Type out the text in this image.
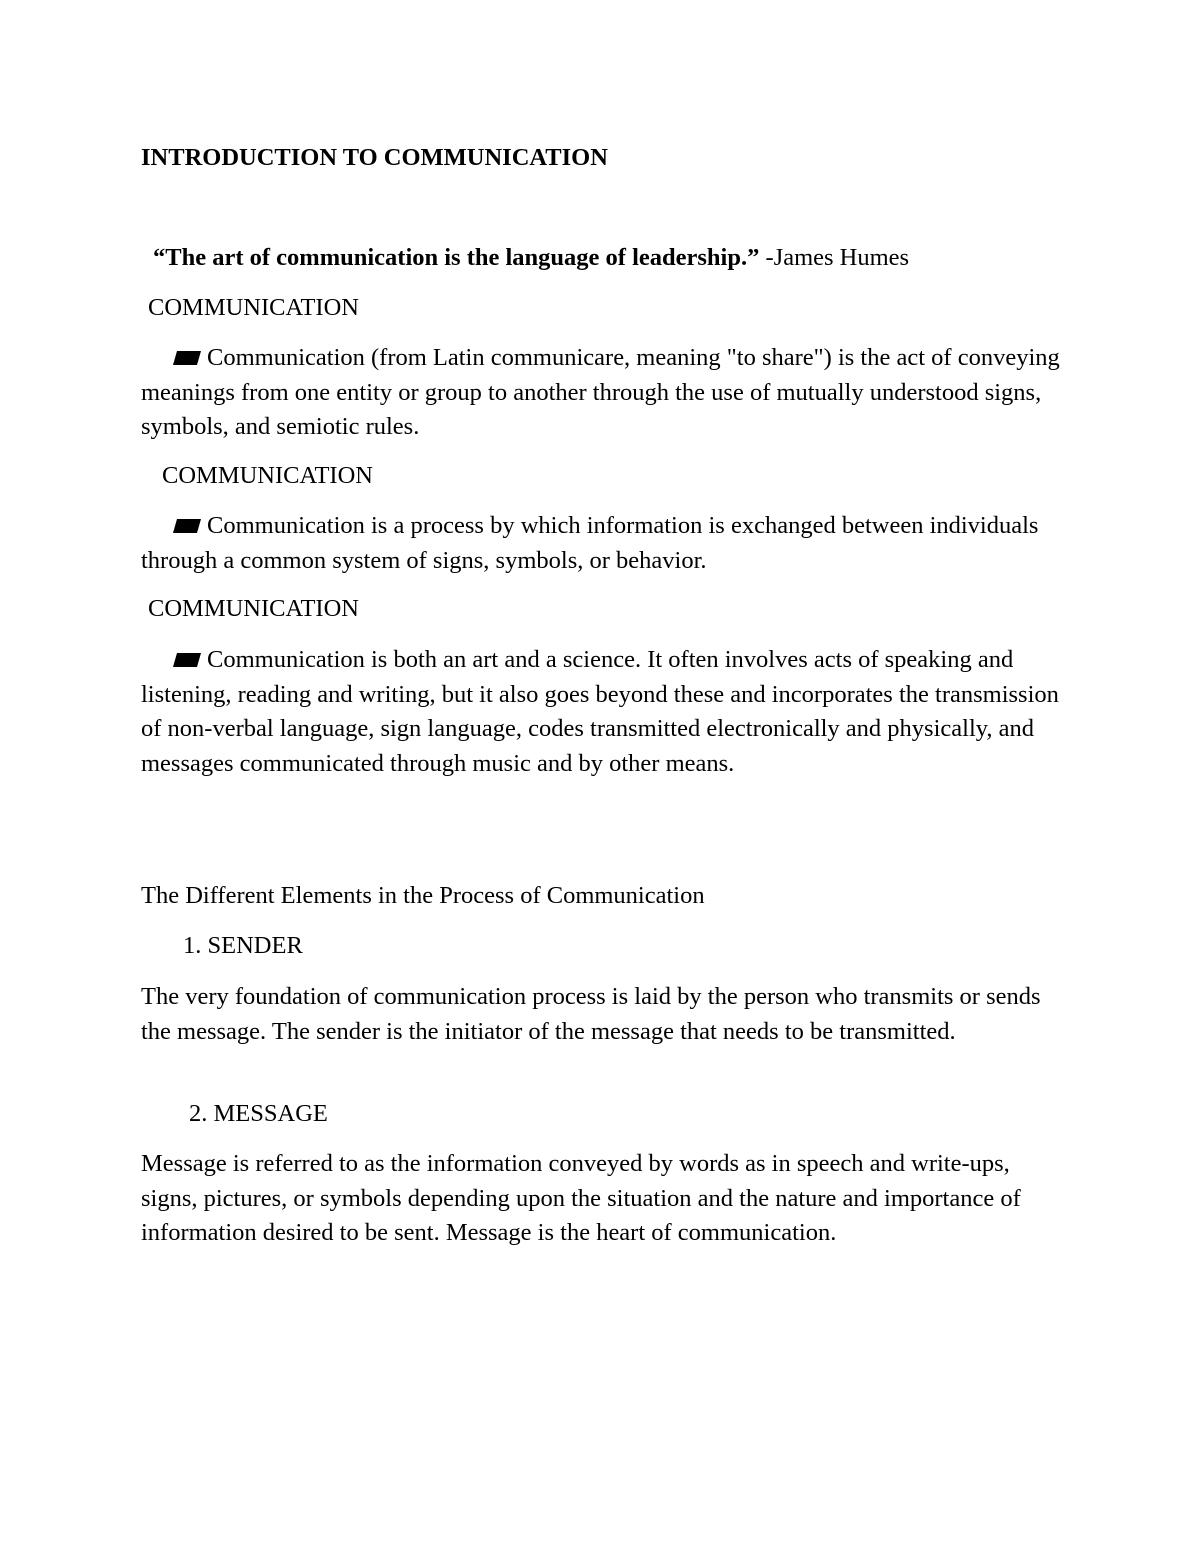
INTRODUCTION TO COMMUNICATION
“The art of communication is the language of leadership.” -James Humes
COMMUNICATION
Communication (from Latin communicare, meaning "to share") is the act of conveying meanings from one entity or group to another through the use of mutually understood signs, symbols, and semiotic rules.
COMMUNICATION
Communication is a process by which information is exchanged between individuals through a common system of signs, symbols, or behavior.
COMMUNICATION
Communication is both an art and a science. It often involves acts of speaking and listening, reading and writing, but it also goes beyond these and incorporates the transmission of non-verbal language, sign language, codes transmitted electronically and physically, and messages communicated through music and by other means.
The Different Elements in the Process of Communication
1. SENDER
The very foundation of communication process is laid by the person who transmits or sends the message. The sender is the initiator of the message that needs to be transmitted.
2. MESSAGE
Message is referred to as the information conveyed by words as in speech and write-ups, signs, pictures, or symbols depending upon the situation and the nature and importance of information desired to be sent. Message is the heart of communication.
